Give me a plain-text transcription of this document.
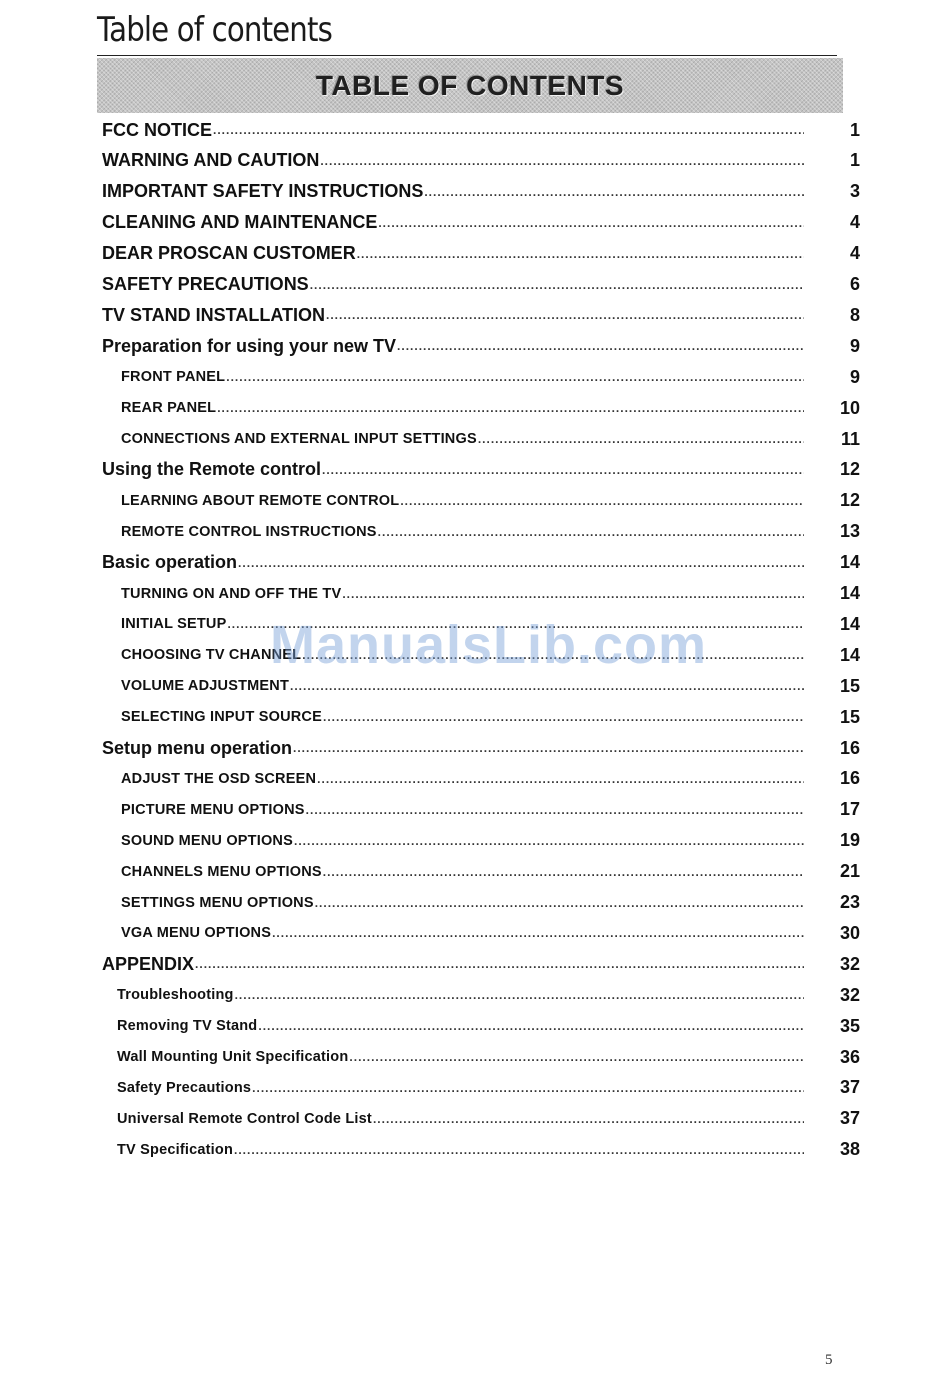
Table of contents
TABLE OF CONTENTS
FCC NOTICE .....	1
WARNING AND CAUTION .....	1
IMPORTANT SAFETY INSTRUCTIONS .....	3
CLEANING AND MAINTENANCE .....	4
DEAR PROSCAN CUSTOMER .....	4
SAFETY PRECAUTIONS .....	6
TV STAND INSTALLATION .....	8
Preparation for using your new TV .....	9
FRONT PANEL .....	9
REAR PANEL .....	10
CONNECTIONS AND EXTERNAL INPUT SETTINGS .....	11
Using the Remote control .....	12
LEARNING ABOUT REMOTE CONTROL .....	12
REMOTE CONTROL INSTRUCTIONS .....	13
Basic operation .....	14
TURNING ON AND OFF THE TV .....	14
INITIAL SETUP .....	14
CHOOSING TV CHANNEL .....	14
VOLUME ADJUSTMENT .....	15
SELECTING INPUT SOURCE .....	15
Setup menu operation .....	16
ADJUST THE OSD SCREEN .....	16
PICTURE MENU OPTIONS .....	17
SOUND MENU OPTIONS .....	19
CHANNELS MENU OPTIONS .....	21
SETTINGS MENU OPTIONS .....	23
VGA MENU OPTIONS .....	30
APPENDIX .....	32
Troubleshooting .....	32
Removing TV Stand .....	35
Wall Mounting Unit Specification .....	36
Safety Precautions .....	37
Universal Remote Control Code List .....	37
TV Specification .....	38
ManualsLib.com
5
